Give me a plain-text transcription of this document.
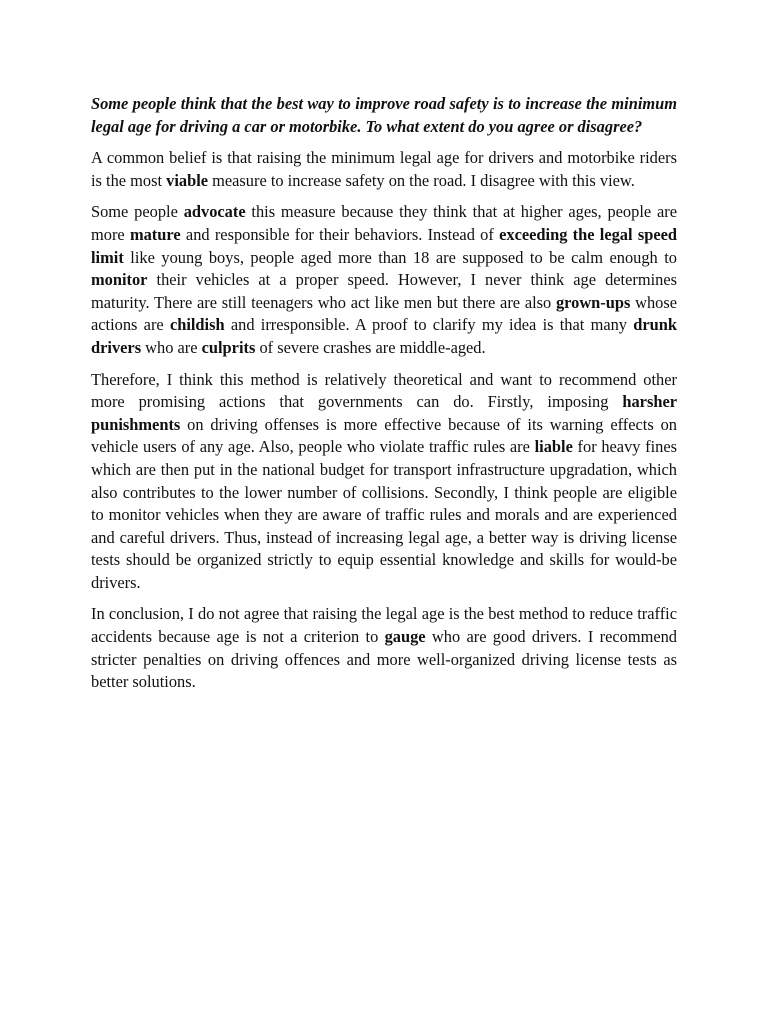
Some people think that the best way to improve road safety is to increase the minimum legal age for driving a car or motorbike. To what extent do you agree or disagree?

A common belief is that raising the minimum legal age for drivers and motorbike riders is the most viable measure to increase safety on the road. I disagree with this view.

Some people advocate this measure because they think that at higher ages, people are more mature and responsible for their behaviors. Instead of exceeding the legal speed limit like young boys, people aged more than 18 are supposed to be calm enough to monitor their vehicles at a proper speed. However, I never think age determines maturity. There are still teenagers who act like men but there are also grown-ups whose actions are childish and irresponsible. A proof to clarify my idea is that many drunk drivers who are culprits of severe crashes are middle-aged.

Therefore, I think this method is relatively theoretical and want to recommend other more promising actions that governments can do. Firstly, imposing harsher punishments on driving offenses is more effective because of its warning effects on vehicle users of any age. Also, people who violate traffic rules are liable for heavy fines which are then put in the national budget for transport infrastructure upgradation, which also contributes to the lower number of collisions. Secondly, I think people are eligible to monitor vehicles when they are aware of traffic rules and morals and are experienced and careful drivers. Thus, instead of increasing legal age, a better way is driving license tests should be organized strictly to equip essential knowledge and skills for would-be drivers.

In conclusion, I do not agree that raising the legal age is the best method to reduce traffic accidents because age is not a criterion to gauge who are good drivers. I recommend stricter penalties on driving offences and more well-organized driving license tests as better solutions.
